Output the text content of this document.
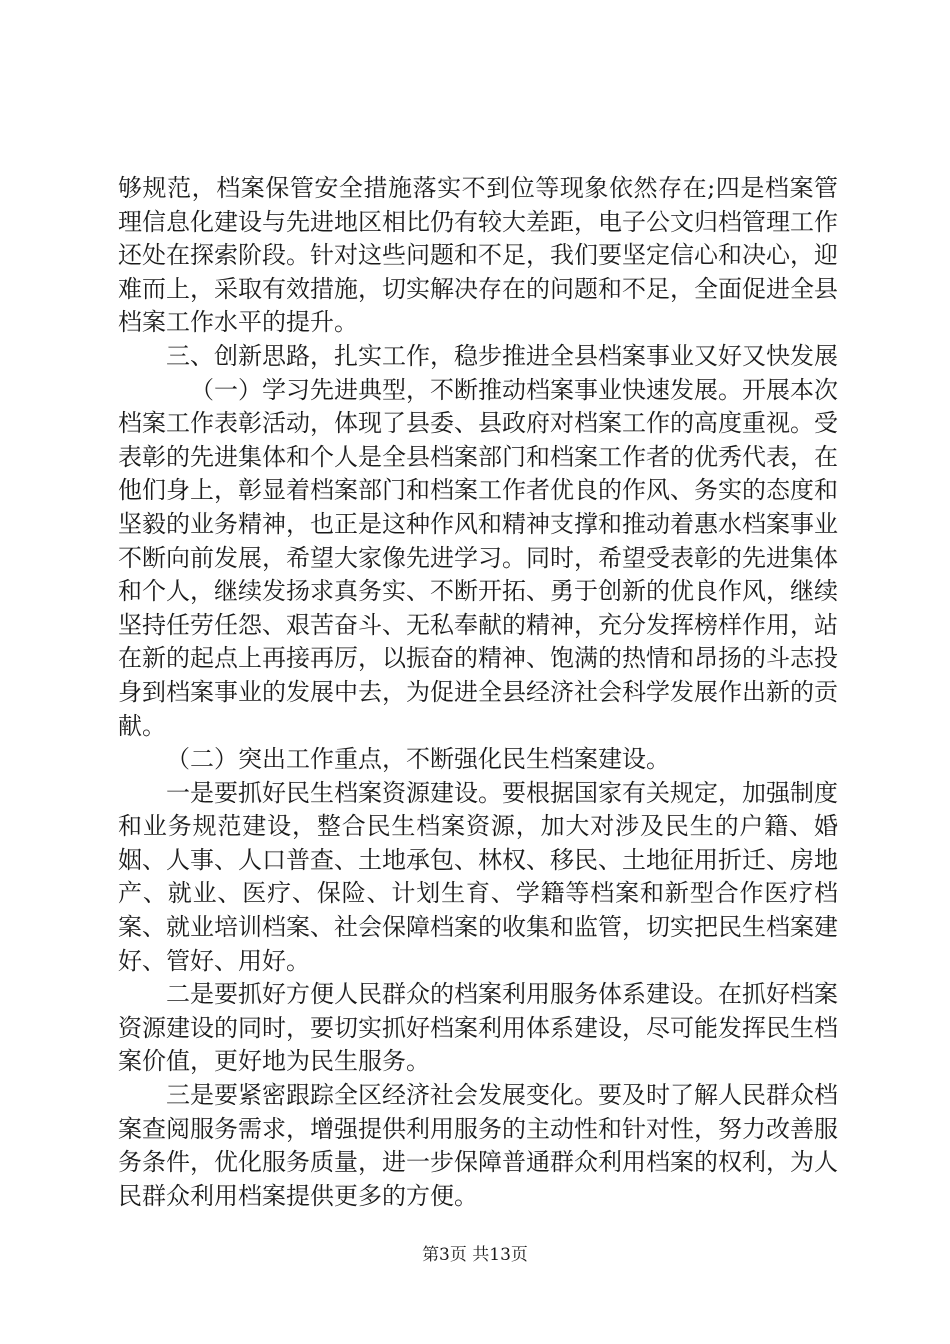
够规范，档案保管安全措施落实不到位等现象依然存在;四是档案管理信息化建设与先进地区相比仍有较大差距，电子公文归档管理工作还处在探索阶段。针对这些问题和不足，我们要坚定信心和决心，迎难而上，采取有效措施，切实解决存在的问题和不足，全面促进全县档案工作水平的提升。

三、创新思路，扎实工作，稳步推进全县档案事业又好又快发展

（一）学习先进典型，不断推动档案事业快速发展。开展本次档案工作表彰活动，体现了县委、县政府对档案工作的高度重视。受表彰的先进集体和个人是全县档案部门和档案工作者的优秀代表，在他们身上，彰显着档案部门和档案工作者优良的作风、务实的态度和坚毅的业务精神，也正是这种作风和精神支撑和推动着惠水档案事业不断向前发展，希望大家像先进学习。同时，希望受表彰的先进集体和个人，继续发扬求真务实、不断开拓、勇于创新的优良作风，继续坚持任劳任怨、艰苦奋斗、无私奉献的精神，充分发挥榜样作用，站在新的起点上再接再厉，以振奋的精神、饱满的热情和昂扬的斗志投身到档案事业的发展中去，为促进全县经济社会科学发展作出新的贡献。

（二）突出工作重点，不断强化民生档案建设。

一是要抓好民生档案资源建设。要根据国家有关规定，加强制度和业务规范建设，整合民生档案资源，加大对涉及民生的户籍、婚姻、人事、人口普查、土地承包、林权、移民、土地征用折迁、房地产、就业、医疗、保险、计划生育、学籍等档案和新型合作医疗档案、就业培训档案、社会保障档案的收集和监管，切实把民生档案建好、管好、用好。

二是要抓好方便人民群众的档案利用服务体系建设。在抓好档案资源建设的同时，要切实抓好档案利用体系建设，尽可能发挥民生档案价值，更好地为民生服务。

三是要紧密跟踪全区经济社会发展变化。要及时了解人民群众档案查阅服务需求，增强提供利用服务的主动性和针对性，努力改善服务条件，优化服务质量，进一步保障普通群众利用档案的权利，为人民群众利用档案提供更多的方便。

第3页 共13页
